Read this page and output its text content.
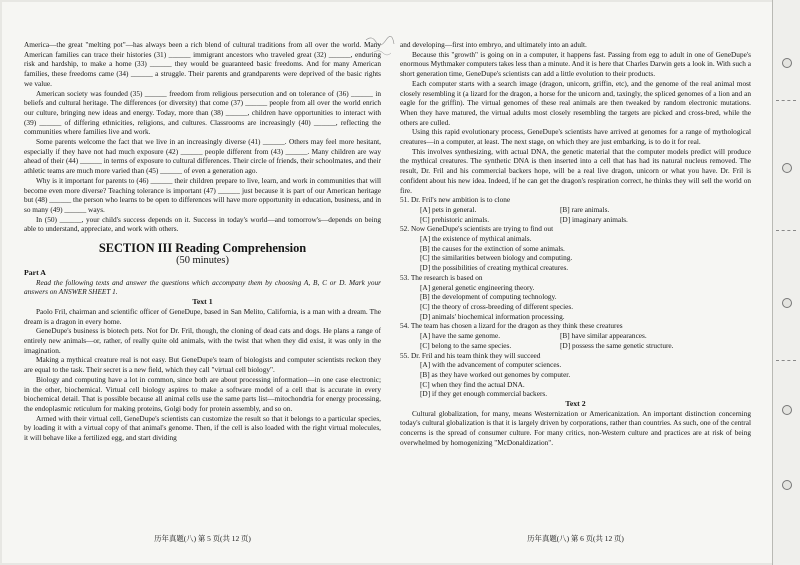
America—the great "melting pot"—has always been a rich blend of cultural traditions from all over the world. Many American families can trace their histories (31) ______ immigrant ancestors who traveled great (32) ______, enduring risk and hardship, to make a home (33) ______ they would be guaranteed basic freedoms. And for many American families, these freedoms came (34) ______ a struggle. Their parents and grandparents were deprived of the basic rights we value.

American society was founded (35) ______ freedom from religious persecution and on tolerance of (36) ______ in beliefs and cultural heritage. The differences (or diversity) that come (37) ______ people from all over the world enrich our culture, bringing new ideas and energy. Today, more than (38) ______, children have opportunities to interact with (39) ______ of differing ethnicities, religions, and cultures. Classrooms are increasingly (40) ______, reflecting the communities where families live and work.

Some parents welcome the fact that we live in an increasingly diverse (41) ______. Others may feel more hesitant, especially if they have not had much exposure (42) ______ people different from (43) ______. Many children are way ahead of their (44) ______ in terms of exposure to cultural differences. Their circle of friends, their schoolmates, and their athletic teams are much more varied than (45) ______ of even a generation ago.

Why is it important for parents to (46) ______ their children prepare to live, learn, and work in communities that will become even more diverse? Teaching tolerance is important (47) ______ just because it is part of our American heritage but (48) ______ the person who learns to be open to differences will have more opportunity in education, business, and in so many (49) ______ ways.

In (50) ______, your child's success depends on it. Success in today's world—and tomorrow's—depends on being able to understand, appreciate, and work with others.

SECTION III Reading Comprehension
(50 minutes)

Part A

Read the following texts and answer the questions which accompany them by choosing A, B, C or D. Mark your answers on ANSWER SHEET 1.

Text 1

Paolo Fril, chairman and scientific officer of GeneDupe, based in San Melito, California, is a man with a dream. The dream is a dragon in every home.

GeneDupe's business is biotech pets. Not for Dr. Fril, though, the cloning of dead cats and dogs. He plans a range of entirely new animals—or, rather, of really quite old animals, with the twist that when they did exist, it was only in the imagination.

Making a mythical creature real is not easy. But GeneDupe's team of biologists and computer scientists reckon they are equal to the task. Their secret is a new field, which they call "virtual cell biology".

Biology and computing have a lot in common, since both are about processing information—in one case electronic; in the other, biochemical. Virtual cell biology aspires to make a software model of a cell that is accurate in every biochemical detail. That is possible because all animal cells use the same parts list—mitochondria for energy processing, the endoplasmic reticulum for making proteins, Golgi body for protein assembly, and so on.

Armed with their virtual cell, GeneDupe's scientists can customize the result so that it belongs to a particular species, by loading it with a virtual copy of that animal's genome. Then, if the cell is also loaded with the right virtual molecules, it will behave like a fertilized egg, and start dividing

and developing—first into embryo, and ultimately into an adult.

Because this "growth" is going on in a computer, it happens fast. Passing from egg to adult in one of GeneDupe's enormous Mythmaker computers takes less than a minute. And it is here that Charles Darwin gets a look in. With such a short generation time, GeneDupe's scientists can add a little evolution to their products.

Each computer starts with a search image (dragon, unicorn, griffin, etc), and the genome of the real animal most closely resembling it (a lizard for the dragon, a horse for the unicorn and, taxingly, the spliced genomes of a lion and an eagle for the griffin). The virtual genomes of these real animals are then tweaked by random electronic mutations. When they have matured, the virtual adults most closely resembling the targets are picked and cross-bred, while the others are culled.

Using this rapid evolutionary process, GeneDupe's scientists have arrived at genomes for a range of mythological creatures—in a computer, at least. The next stage, on which they are just embarking, is to do it for real.

This involves synthesizing, with actual DNA, the genetic material that the computer models predict will produce the mythical creatures. The synthetic DNA is then inserted into a cell that has had its natural nucleus removed. The result, Dr. Fril and his commercial backers hope, will be a real live dragon, unicorn or what you have. Dr. Fril is confident about his new idea. Indeed, if he can get the dragon's respiration correct, he thinks they will sell the world on fire.

51. Dr. Fril's new ambition is to clone

[A] pets in general.	[B] rare animals.
[C] prehistoric animals.	[D] imaginary animals.

52. Now GeneDupe's scientists are trying to find out

[A] the existence of mythical animals.

[B] the causes for the extinction of some animals.

[C] the similarities between biology and computing.

[D] the possibilities of creating mythical creatures.

53. The research is based on

[A] general genetic engineering theory.

[B] the development of computing technology.

[C] the theory of cross-breeding of different species.

[D] animals' biochemical information processing.

54. The team has chosen a lizard for the dragon as they think these creatures

[A] have the same genome.	[B] have similar appearances.
[C] belong to the same species.	[D] possess the same genetic structure.

55. Dr. Fril and his team think they will succeed

[A] with the advancement of computer sciences.

[B] as they have worked out genomes by computer.

[C] when they find the actual DNA.

[D] if they get enough commercial backers.

Text 2

Cultural globalization, for many, means Westernization or Americanization. An important distinction concerning today's cultural globalization is that it is largely driven by corporations, rather than countries. As such, one of the central concerns is the spread of consumer culture. For many critics, non-Western culture and practices are at risk of being overwhelmed by homogenizing "McDonaldization".

历年真题(八) 第 5 页(共 12 页)	历年真题(八) 第 6 页(共 12 页)
